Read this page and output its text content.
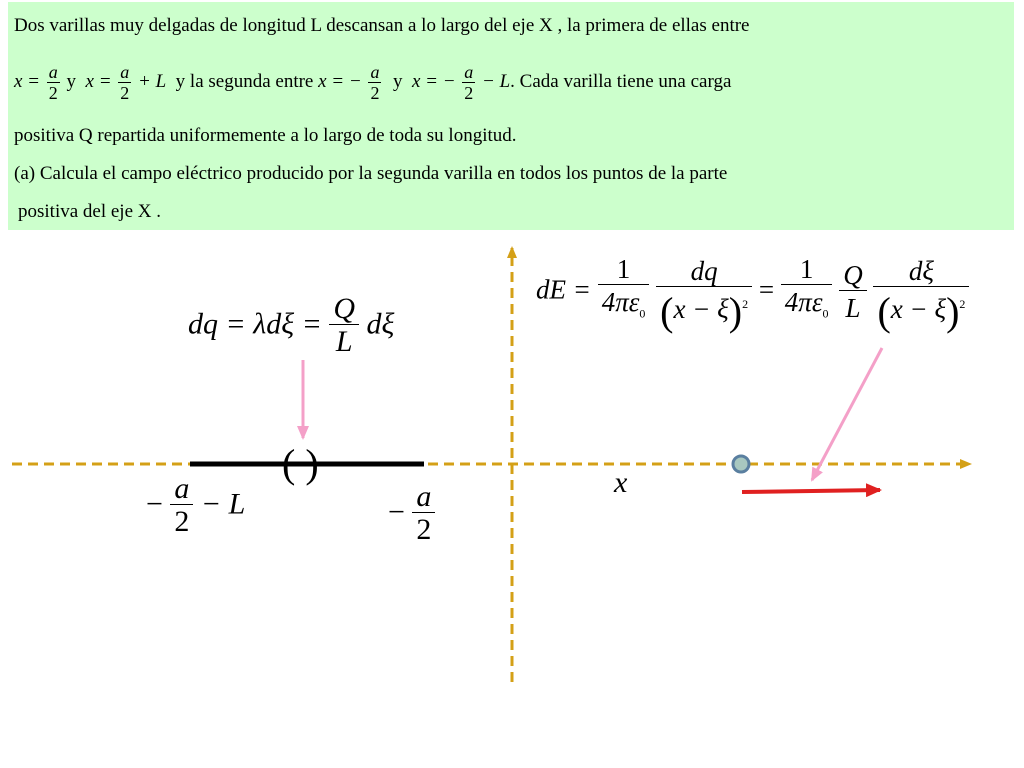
Dos varillas muy delgadas de longitud L descansan a lo largo del eje X , la primera de ellas entre
$x = \frac{a}{2}$ y $x = \frac{a}{2} + L$ y la segunda entre x = − $\frac{a}{2}$ y x = − $\frac{a}{2} - L$. Cada varilla tiene una carga
positiva Q repartida uniformemente a lo largo de toda su longitud.
(a) Calcula el campo eléctrico producido por la segunda varilla en todos los puntos de la parte
positiva del eje X .
dq = $\lambda d\xi = \frac{Q}{L}$ dξ
dE = $\frac{1}{4\pi\varepsilon_0}$
$\frac{dq}{(x - \xi)^2} = \frac{1}{4\pi\varepsilon_0}$
$\frac{Q}{L}$
$\frac{d\xi}{(x - \xi)^2}$
( )	x
− $\frac{a}{2} - L$	− $\frac{a}{2}$
